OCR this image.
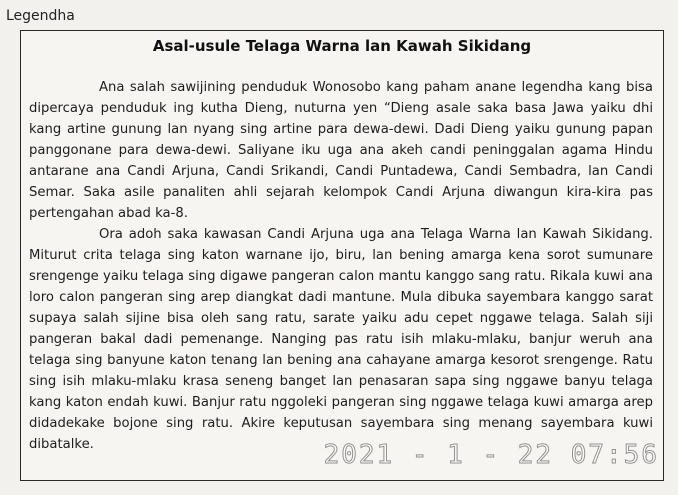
Legendha
Asal-usule Telaga Warna lan Kawah Sikidang

Ana salah sawijining penduduk Wonosobo kang paham anane legendha kang bisa dipercaya penduduk ing kutha Dieng, nuturna yen “Dieng asale saka basa Jawa yaiku dhi kang artine gunung lan nyang sing artine para dewa-dewi. Dadi Dieng yaiku gunung papan panggonane para dewa-dewi. Saliyane iku uga ana akeh candi peninggalan agama Hindu antarane ana Candi Arjuna, Candi Srikandi, Candi Puntadewa, Candi Sembadra, lan Candi Semar. Saka asile panaliten ahli sejarah kelompok Candi Arjuna diwangun kira-kira pas pertengahan abad ka-8.

Ora adoh saka kawasan Candi Arjuna uga ana Telaga Warna lan Kawah Sikidang. Miturut crita telaga sing katon warnane ijo, biru, lan bening amarga kena sorot sumunare srengenge yaiku telaga sing digawe pangeran calon mantu kanggo sang ratu. Rikala kuwi ana loro calon pangeran sing arep diangkat dadi mantune. Mula dibuka sayembara kanggo sarat supaya salah sijine bisa oleh sang ratu, sarate yaiku adu cepet nggawe telaga. Salah siji pangeran bakal dadi pemenange. Nanging pas ratu isih mlaku-mlaku, banjur weruh ana telaga sing banyune katon tenang lan bening ana cahayane amarga kesorot srengenge. Ratu sing isih mlaku-mlaku krasa seneng banget lan penasaran sapa sing nggawe banyu telaga kang katon endah kuwi. Banjur ratu nggoleki pangeran sing nggawe telaga kuwi amarga arep didadekake bojone sing ratu. Akire keputusan sayembara sing menang sayembara kuwi dibatalke.	2021 - 1 - 22 07:56
